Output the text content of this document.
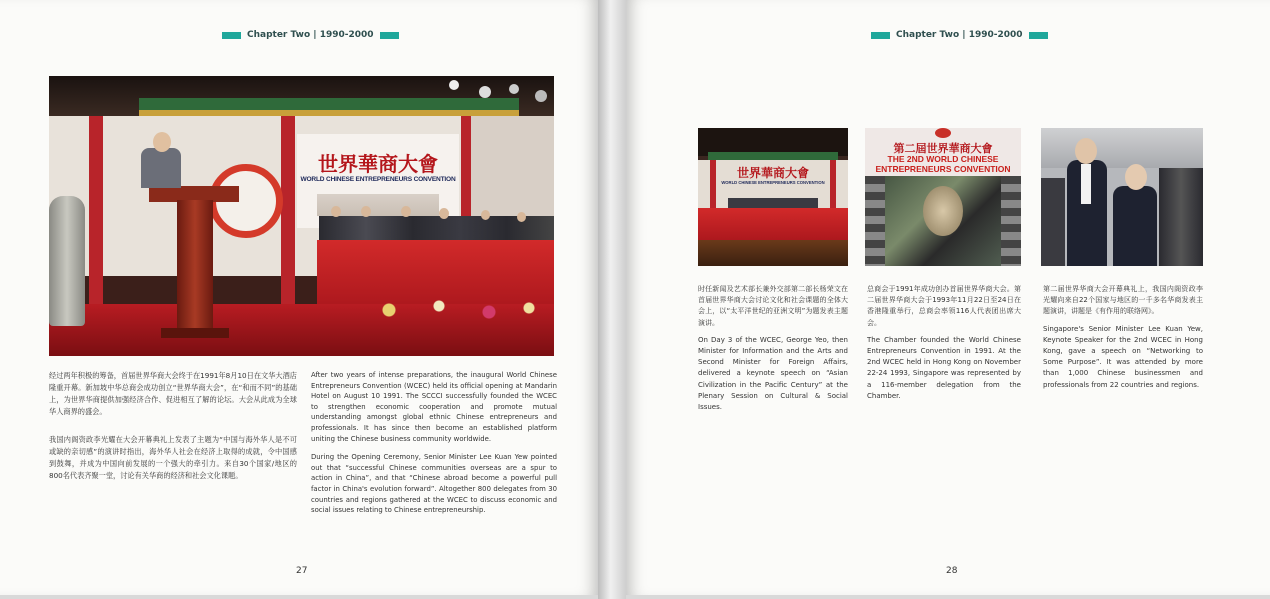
Chapter Two | 1990-2000
世界華商大會
WORLD CHINESE ENTREPRENEURS CONVENTION

经过两年积极的筹备，首届世界华商大会终于在1991年8月10日在文华大酒店隆重开幕。新加坡中华总商会成功创立“世界华商大会”，在“和而不同”的基础上，为世界华商提供加强经济合作、促进相互了解的论坛。大会从此成为全球华人商界的盛会。

我国内阁资政李光耀在大会开幕典礼上发表了主题为“中国与海外华人是不可或缺的亲切感”的演讲时指出，海外华人社会在经济上取得的成就，令中国感到鼓舞，并成为中国向前发展的一个强大的牵引力。来自30个国家/地区的800名代表齐聚一堂，讨论有关华商的经济和社会文化课题。

After two years of intense preparations, the inaugural World Chinese Entrepreneurs Convention (WCEC) held its official opening at Mandarin Hotel on August 10 1991. The SCCCI successfully founded the WCEC to strengthen economic cooperation and promote mutual understanding amongst global ethnic Chinese entrepreneurs and professionals. It has since then become an established platform uniting the Chinese business community worldwide.

During the Opening Ceremony, Senior Minister Lee Kuan Yew pointed out that “successful Chinese communities overseas are a spur to action in China”, and that “Chinese abroad become a powerful pull factor in China's evolution forward”. Altogether 800 delegates from 30 countries and regions gathered at the WCEC to discuss economic and social issues relating to Chinese entrepreneurship.

27
Chapter Two | 1990-2000
世界華商大會
WORLD CHINESE ENTREPRENEURS CONVENTION
第二屆世界華商大會
THE 2ND WORLD CHINESE
ENTREPRENEURS CONVENTION

时任新闻及艺术部长兼外交部第二部长杨荣文在首届世界华商大会讨论文化和社会课题的全体大会上，以“太平洋世纪的亚洲文明”为题发表主题演讲。

On Day 3 of the WCEC, George Yeo, then Minister for Information and the Arts and Second Minister for Foreign Affairs, delivered a keynote speech on “Asian Civilization in the Pacific Century” at the Plenary Session on Cultural & Social Issues.

总商会于1991年成功创办首届世界华商大会。第二届世界华商大会于1993年11月22日至24日在香港隆重举行，总商会率领116人代表团出席大会。

The Chamber founded the World Chinese Entrepreneurs Convention in 1991. At the 2nd WCEC held in Hong Kong on November 22-24 1993, Singapore was represented by a 116-member delegation from the Chamber.

第二届世界华商大会开幕典礼上，我国内阁资政李光耀向来自22个国家与地区的一千多名华商发表主题演讲，讲题是《有作用的联络网》。

Singapore's Senior Minister Lee Kuan Yew, Keynote Speaker for the 2nd WCEC in Hong Kong, gave a speech on “Networking to Some Purpose”. It was attended by more than 1,000 Chinese businessmen and professionals from 22 countries and regions.

28
